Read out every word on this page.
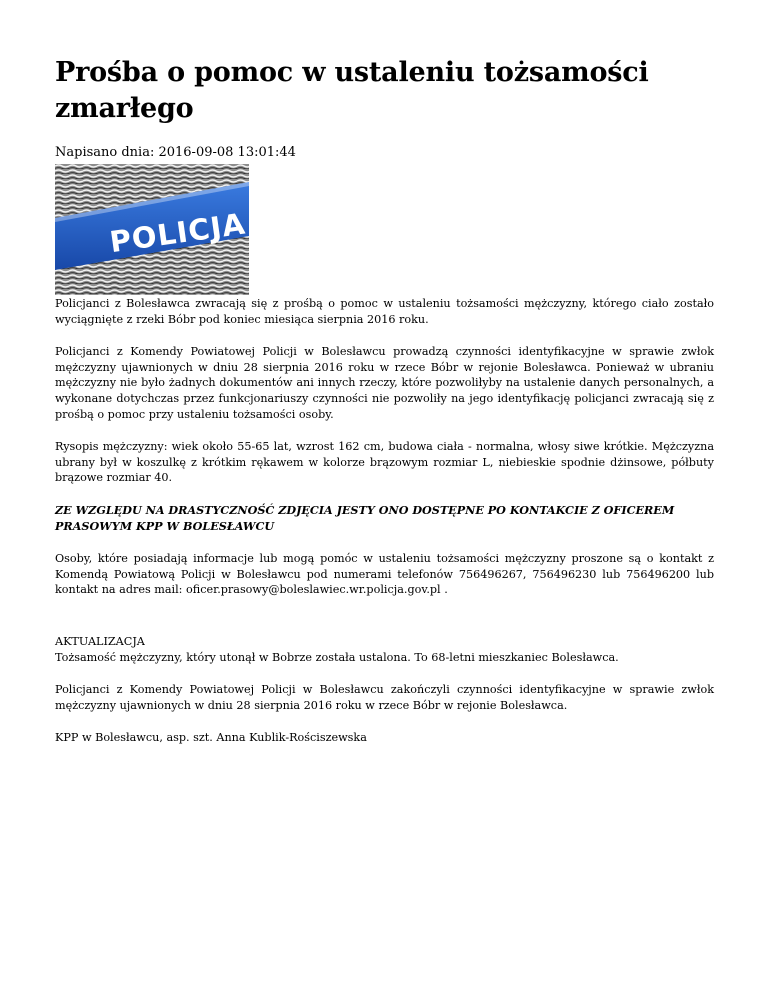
Prośba o pomoc w ustaleniu tożsamości zmarłego
Napisano dnia: 2016-09-08 13:01:44
POLICJA

Policjanci z Bolesławca zwracają się z prośbą o pomoc w ustaleniu tożsamości mężczyzny, którego ciało zostało wyciągnięte z rzeki Bóbr pod koniec miesiąca sierpnia 2016 roku.

Policjanci z Komendy Powiatowej Policji w Bolesławcu prowadzą czynności identyfikacyjne w sprawie zwłok mężczyzny ujawnionych w dniu 28 sierpnia 2016 roku w rzece Bóbr w rejonie Bolesławca. Ponieważ w ubraniu mężczyzny nie było żadnych dokumentów ani innych rzeczy, które pozwoliłyby na ustalenie danych personalnych, a wykonane dotychczas przez funkcjonariuszy czynności nie pozwoliły na jego identyfikację policjanci zwracają się z prośbą o pomoc przy ustaleniu tożsamości osoby.

Rysopis mężczyzny: wiek około 55-65 lat, wzrost 162 cm, budowa ciała - normalna, włosy siwe krótkie. Mężczyzna ubrany był w koszulkę z krótkim rękawem w kolorze brązowym rozmiar L, niebieskie spodnie dżinsowe, półbuty brązowe rozmiar 40.

ZE WZGLĘDU NA DRASTYCZNOŚĆ ZDJĘCIA JESTY ONO DOSTĘPNE PO KONTAKCIE Z OFICEREM PRASOWYM KPP W BOLESŁAWCU

Osoby, które posiadają informacje lub mogą pomóc w ustaleniu tożsamości mężczyzny proszone są o kontakt z Komendą Powiatową Policji w Bolesławcu pod numerami telefonów 756496267, 756496230 lub 756496200 lub kontakt na adres mail: oficer.prasowy@boleslawiec.wr.policja.gov.pl .

AKTUALIZACJA

Tożsamość mężczyzny, który utonął w Bobrze została ustalona. To 68-letni mieszkaniec Bolesławca.

Policjanci z Komendy Powiatowej Policji w Bolesławcu zakończyli czynności identyfikacyjne w sprawie zwłok mężczyzny ujawnionych w dniu 28 sierpnia 2016 roku w rzece Bóbr w rejonie Bolesławca.

KPP w Bolesławcu, asp. szt. Anna Kublik-Rościszewska
